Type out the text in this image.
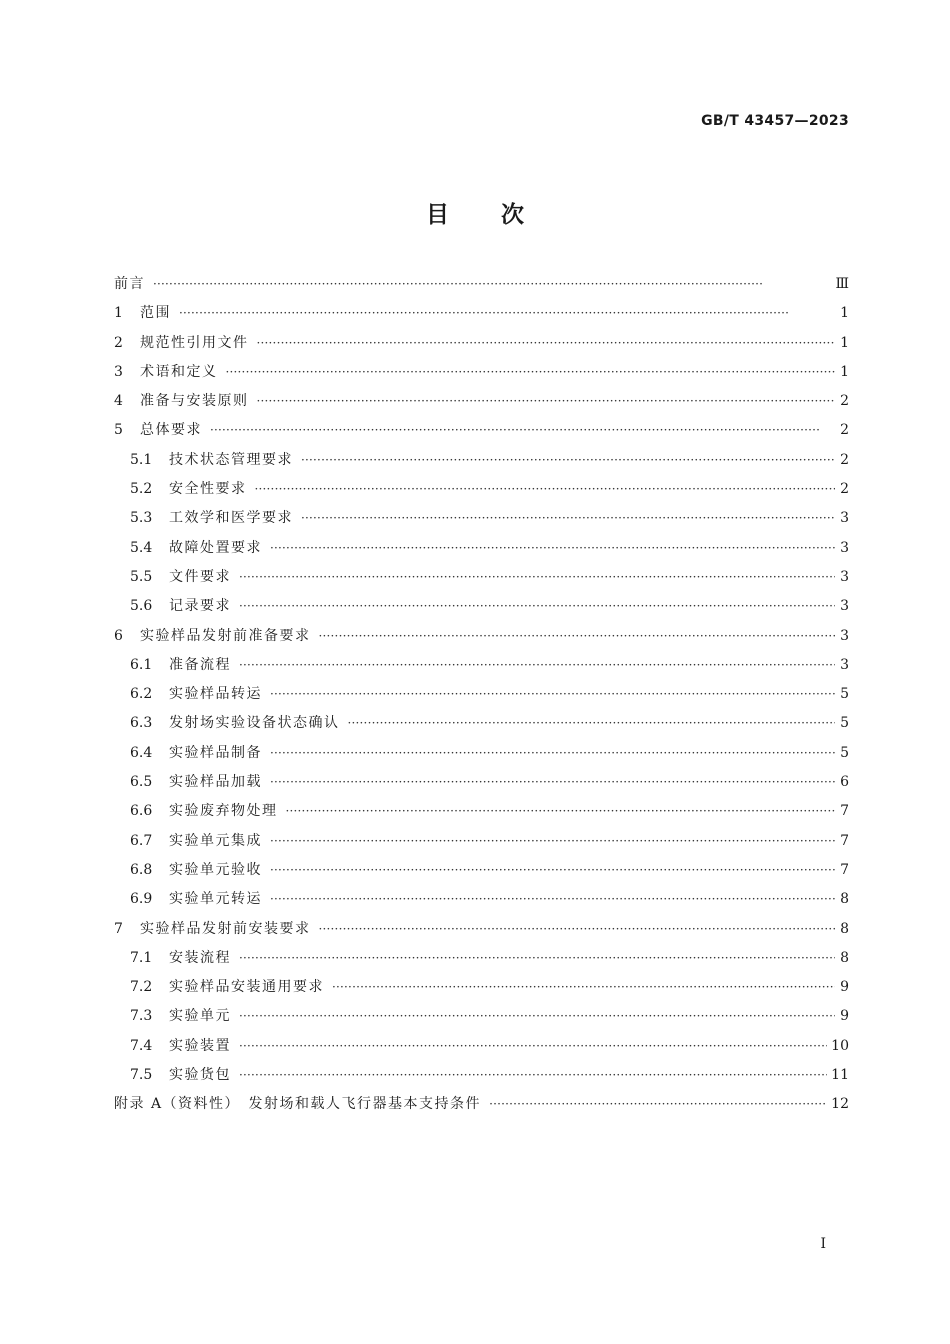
GB/T 43457—2023
目 次
前言 ·····	Ⅲ
1	范围 ·····	1
2	规范性引用文件 ·····	1
3	术语和定义 ·····	1
4	准备与安装原则 ·····	2
5	总体要求 ·····	2
5.1	技术状态管理要求 ·····	2
5.2	安全性要求 ·····	2
5.3	工效学和医学要求 ·····	3
5.4	故障处置要求 ·····	3
5.5	文件要求 ·····	3
5.6	记录要求 ·····	3
6	实验样品发射前准备要求 ·····	3
6.1	准备流程 ·····	3
6.2	实验样品转运 ·····	5
6.3	发射场实验设备状态确认 ·····	5
6.4	实验样品制备 ·····	5
6.5	实验样品加载 ·····	6
6.6	实验废弃物处理 ·····	7
6.7	实验单元集成 ·····	7
6.8	实验单元验收 ·····	7
6.9	实验单元转运 ·····	8
7	实验样品发射前安装要求 ·····	8
7.1	安装流程 ·····	8
7.2	实验样品安装通用要求 ·····	9
7.3	实验单元 ·····	9
7.4	实验装置 ·····	10
7.5	实验货包 ·····	11
附录 A（资料性）　发射场和载人飞行器基本支持条件 ·····	12
Ⅰ
